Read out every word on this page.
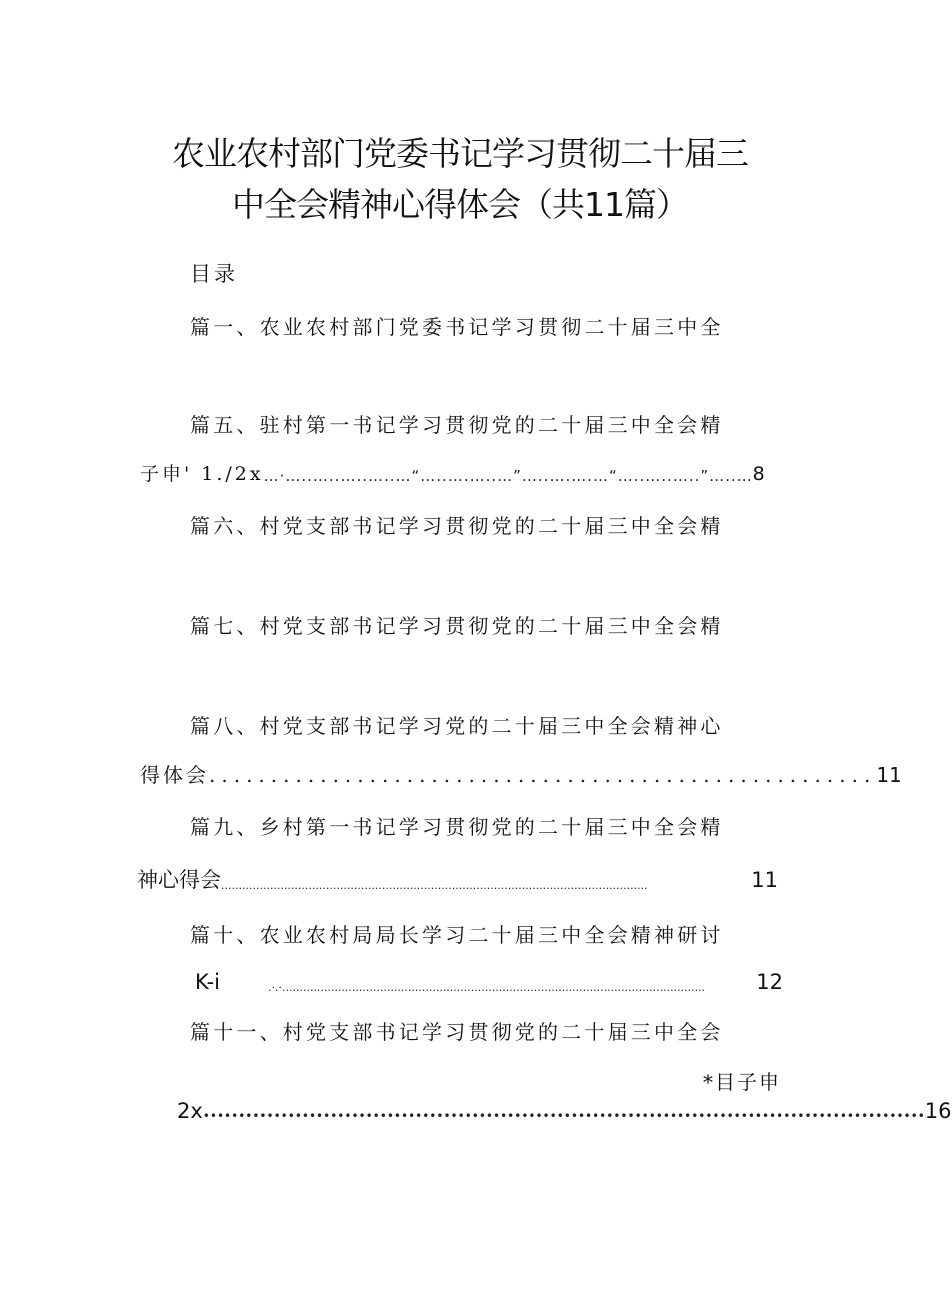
农业农村部门党委书记学习贯彻二十届三
中全会精神心得体会（共11篇）
目录
篇一、农业农村部门党委书记学习贯彻二十届三中全
篇五、驻村第一书记学习贯彻党的二十届三中全会精
子申' 1./2x …·…..…..…..…..…“…..….…..…”…..….….…“…..…..…..”…..… 8
篇六、村党支部书记学习贯彻党的二十届三中全会精
篇七、村党支部书记学习贯彻党的二十届三中全会精
篇八、村党支部书记学习党的二十届三中全会精神心
得体会 ...................................................... 11
篇九、乡村第一书记学习贯彻党的二十届三中全会精
神心得会 ..........................................................................................................................	11
篇十、农业农村局局长学习二十届三中全会精神研讨
K-i	.·.·.........................................................................................................................	12
篇十一、村党支部书记学习贯彻党的二十届三中全会
*目子申
2x •••••••••••••••••••••••••••••••••••••••••••••••••••••••••••••••••••••••••••••••••••••••••••••••••••••• 16
